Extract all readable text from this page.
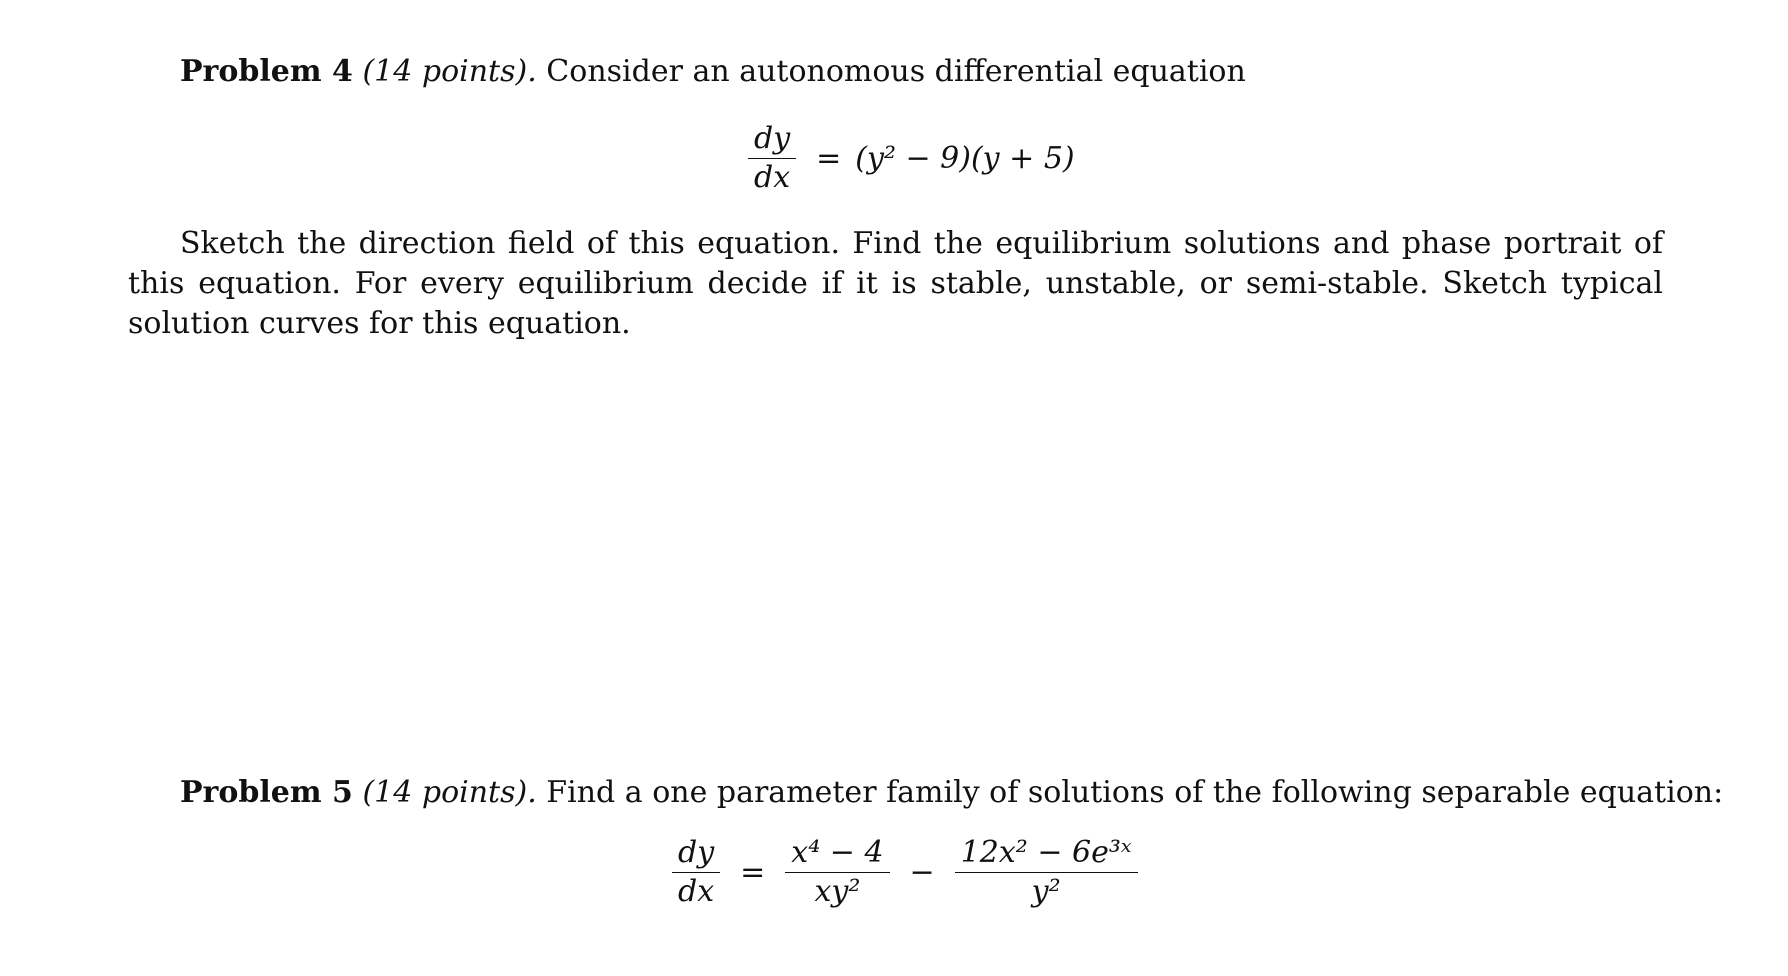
Problem 4 (14 points). Consider an autonomous differential equation
$\frac{dy}{dx} = (y^2 - 9)(y + 5)$
Sketch the direction field of this equation. Find the equilibrium solutions and phase portrait of this equation. For every equilibrium decide if it is stable, unstable, or semi-stable. Sketch typical solution curves for this equation.
Problem 5 (14 points). Find a one parameter family of solutions of the following separable equation:
$\frac{dy}{dx} = \frac{\text{x⁴ − 4}}{\text{xy²}} - \frac{\text{12x² − 6e³ˣ}}{\text{y²}}$
